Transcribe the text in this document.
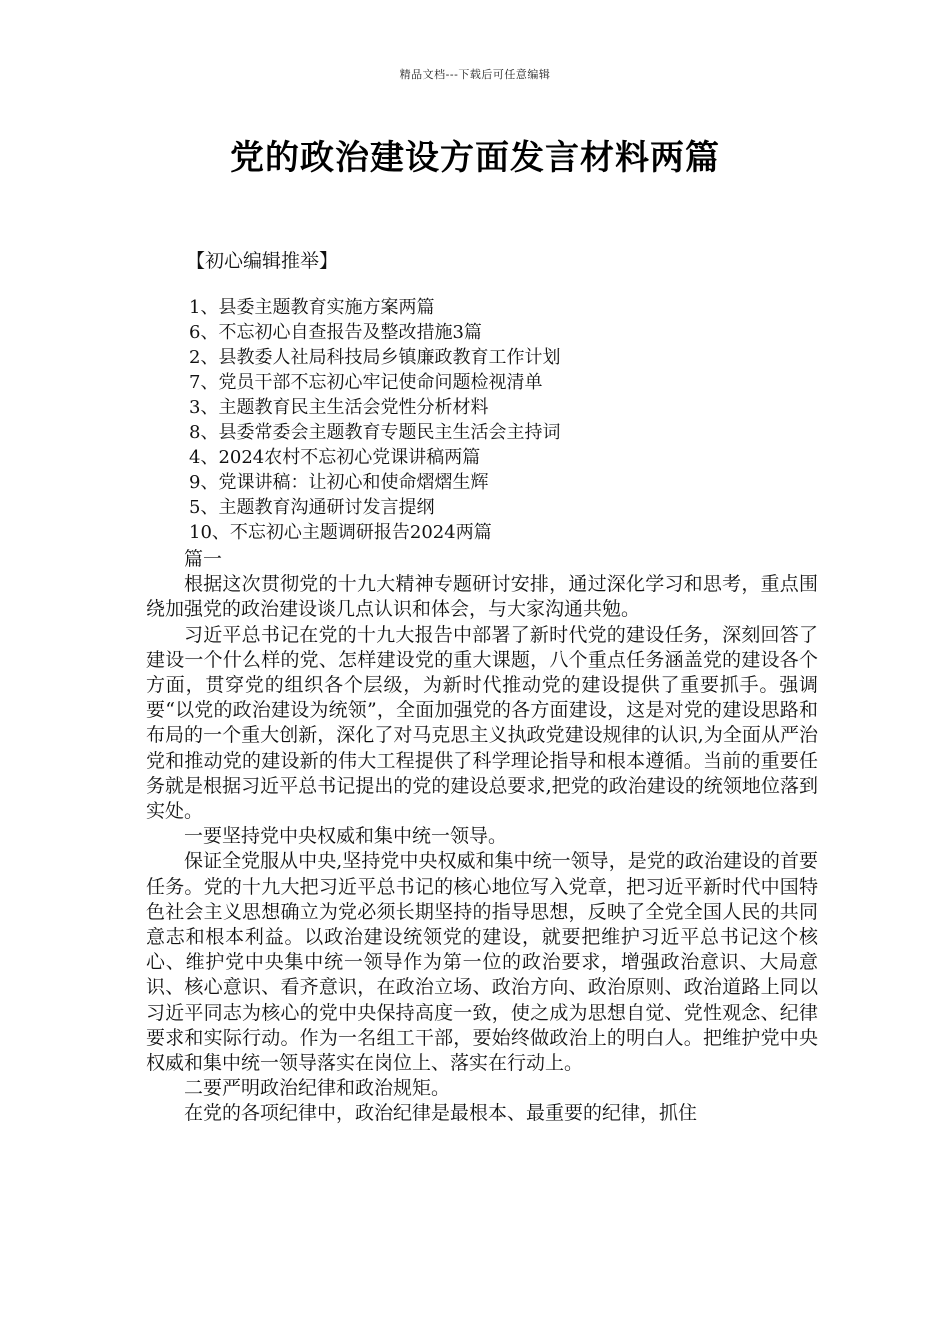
精品文档---下载后可任意编辑
党的政治建设方面发言材料两篇
【初心编辑推举】
1、县委主题教育实施方案两篇
6、不忘初心自查报告及整改措施3篇
2、县教委人社局科技局乡镇廉政教育工作计划
7、党员干部不忘初心牢记使命问题检视清单
3、主题教育民主生活会党性分析材料
8、县委常委会主题教育专题民主生活会主持词
4、2024农村不忘初心党课讲稿两篇
9、党课讲稿：让初心和使命熠熠生辉
5、主题教育沟通研讨发言提纲
10、不忘初心主题调研报告2024两篇

篇一

根据这次贯彻党的十九大精神专题研讨安排，通过深化学习和思考，重点围绕加强党的政治建设谈几点认识和体会，与大家沟通共勉。

习近平总书记在党的十九大报告中部署了新时代党的建设任务，深刻回答了建设一个什么样的党、怎样建设党的重大课题，八个重点任务涵盖党的建设各个方面，贯穿党的组织各个层级，为新时代推动党的建设提供了重要抓手。强调要“以党的政治建设为统领”，全面加强党的各方面建设，这是对党的建设思路和布局的一个重大创新，深化了对马克思主义执政党建设规律的认识,为全面从严治党和推动党的建设新的伟大工程提供了科学理论指导和根本遵循。当前的重要任务就是根据习近平总书记提出的党的建设总要求,把党的政治建设的统领地位落到实处。

一要坚持党中央权威和集中统一领导。

保证全党服从中央,坚持党中央权威和集中统一领导，是党的政治建设的首要任务。党的十九大把习近平总书记的核心地位写入党章，把习近平新时代中国特色社会主义思想确立为党必须长期坚持的指导思想，反映了全党全国人民的共同意志和根本利益。以政治建设统领党的建设，就要把维护习近平总书记这个核心、维护党中央集中统一领导作为第一位的政治要求，增强政治意识、大局意识、核心意识、看齐意识，在政治立场、政治方向、政治原则、政治道路上同以习近平同志为核心的党中央保持高度一致，使之成为思想自觉、党性观念、纪律要求和实际行动。作为一名组工干部，要始终做政治上的明白人。把维护党中央权威和集中统一领导落实在岗位上、落实在行动上。

二要严明政治纪律和政治规矩。

在党的各项纪律中，政治纪律是最根本、最重要的纪律，抓住
